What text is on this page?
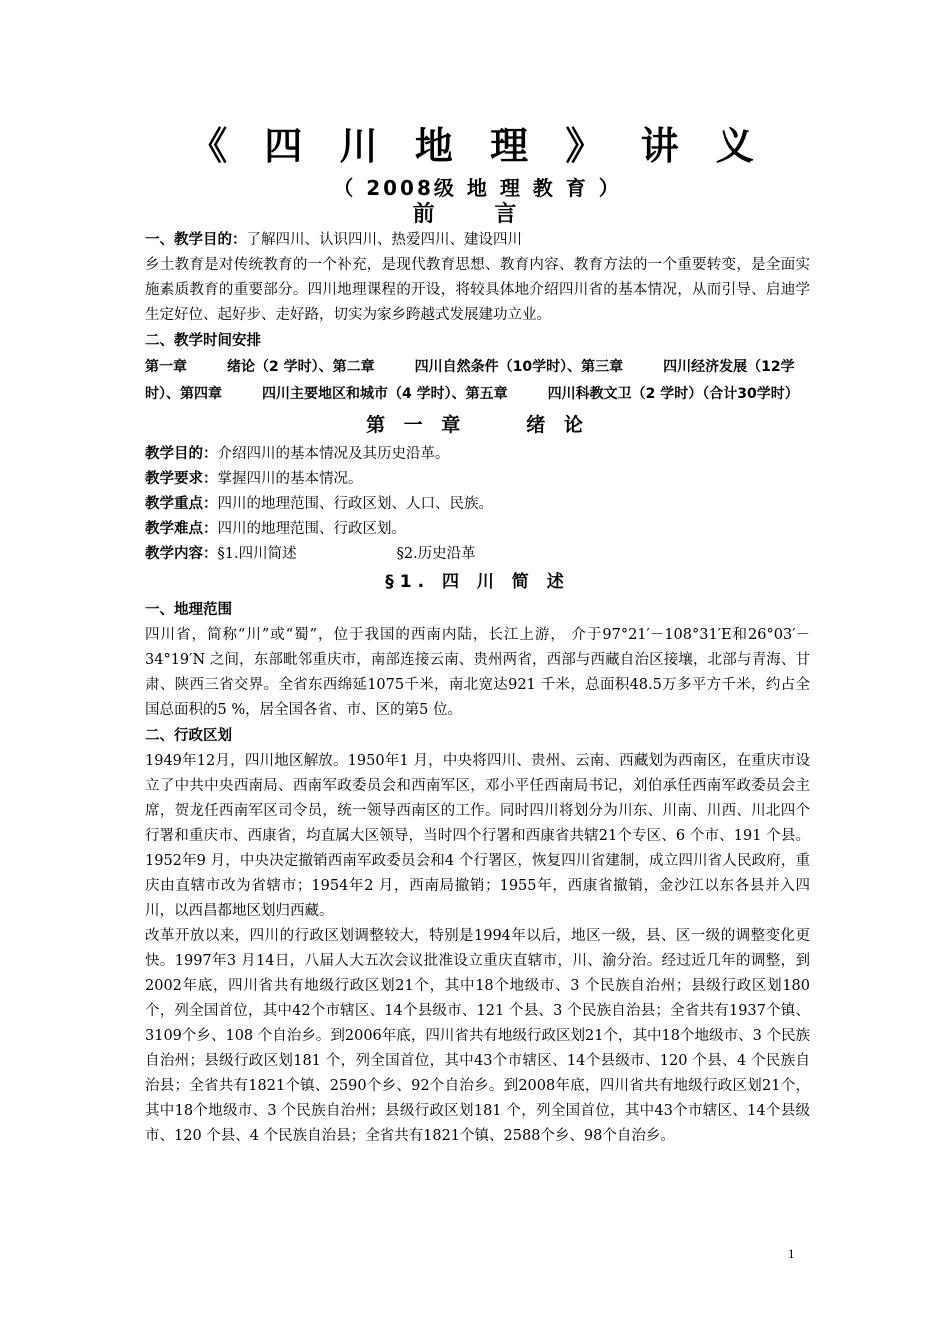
《 四 川 地 理 》 讲 义
（ 2008级 地 理 教 育 ）
前 言

一、教学目的：了解四川、认识四川、热爱四川、建设四川

乡土教育是对传统教育的一个补充，是现代教育思想、教育内容、教育方法的一个重要转变，是全面实施素质教育的重要部分。四川地理课程的开设，将较具体地介绍四川省的基本情况，从而引导、启迪学生定好位、起好步、走好路，切实为家乡跨越式发展建功立业。

二、教学时间安排
第一章	绪论（2 学时）、第二章	四川自然条件（10学时）、第三章	四川经济发展（12学时）、第四章	四川主要地区和城市（4 学时）、第五章	四川科教文卫（2 学时）（合计30学时）
第 一 章	绪 论

教学目的：介绍四川的基本情况及其历史沿革。

教学要求：掌握四川的基本情况。

教学重点：四川的地理范围、行政区划、人口、民族。

教学难点：四川的地理范围、行政区划。

教学内容：§1.四川简述	§2.历史沿革

§1. 四 川 简 述
一、地理范围

四川省，简称“川”或“蜀”，位于我国的西南内陆，长江上游， 介于97°21′－108°31′E和26°03′－34°19′N 之间，东部毗邻重庆市，南部连接云南、贵州两省，西部与西藏自治区接壤，北部与青海、甘肃、陕西三省交界。全省东西绵延1075千米，南北宽达921 千米，总面积48.5万多平方千米，约占全国总面积的5 %，居全国各省、市、区的第5 位。

二、行政区划

1949年12月，四川地区解放。1950年1 月，中央将四川、贵州、云南、西藏划为西南区，在重庆市设立了中共中央西南局、西南军政委员会和西南军区，邓小平任西南局书记，刘伯承任西南军政委员会主席，贺龙任西南军区司令员，统一领导西南区的工作。同时四川将划分为川东、川南、川西、川北四个行署和重庆市、西康省，均直属大区领导，当时四个行署和西康省共辖21个专区、6 个市、191 个县。1952年9 月，中央决定撤销西南军政委员会和4 个行署区，恢复四川省建制，成立四川省人民政府，重庆由直辖市改为省辖市；1954年2 月，西南局撤销；1955年，西康省撤销，金沙江以东各县并入四川，以西昌都地区划归西藏。

改革开放以来，四川的行政区划调整较大，特别是1994年以后，地区一级，县、区一级的调整变化更快。1997年3 月14日，八届人大五次会议批准设立重庆直辖市，川、渝分治。经过近几年的调整，到2002年底，四川省共有地级行政区划21个，其中18个地级市、3 个民族自治州；县级行政区划180 个，列全国首位，其中42个市辖区、14个县级市、121 个县、3 个民族自治县；全省共有1937个镇、3109个乡、108 个自治乡。到2006年底，四川省共有地级行政区划21个，其中18个地级市、3 个民族自治州；县级行政区划181 个，列全国首位，其中43个市辖区、14个县级市、120 个县、4 个民族自治县；全省共有1821个镇、2590个乡、92个自治乡。到2008年底，四川省共有地级行政区划21个，其中18个地级市、3 个民族自治州；县级行政区划181 个，列全国首位，其中43个市辖区、14个县级市、120 个县、4 个民族自治县；全省共有1821个镇、2588个乡、98个自治乡。

1
